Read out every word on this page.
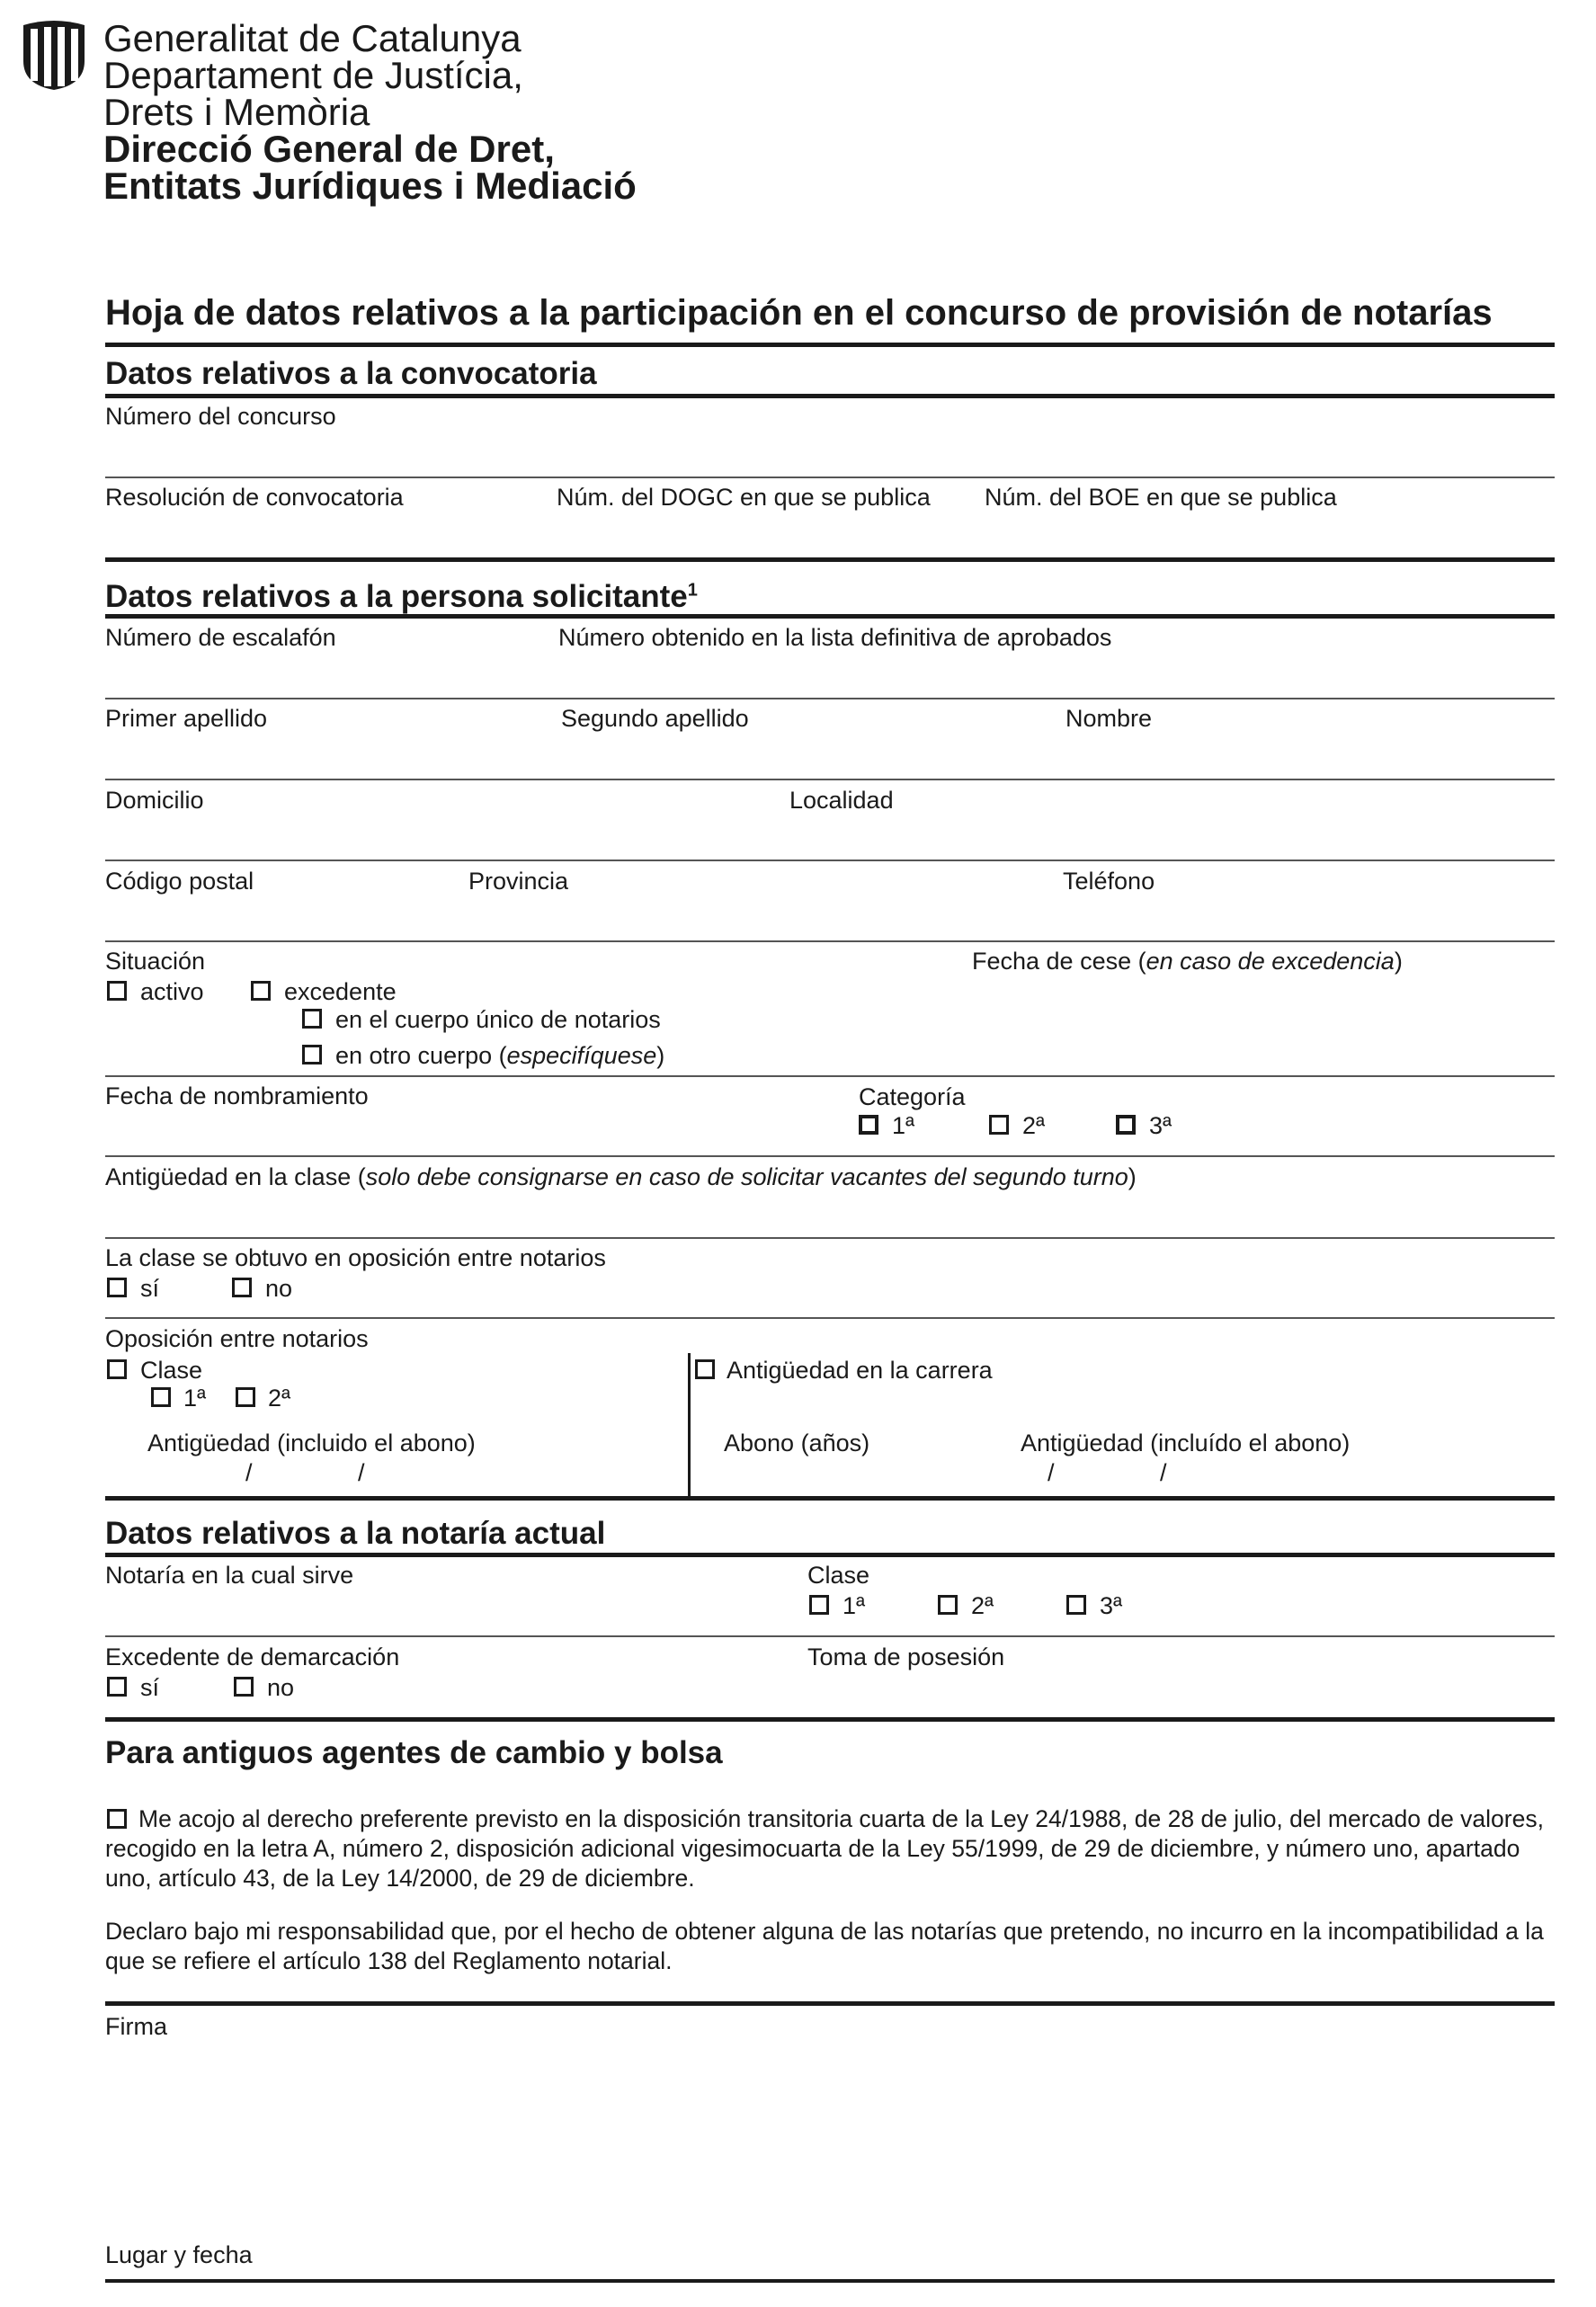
Generalitat de Catalunya
Departament de Justícia,
Drets i Memòria
Direcció General de Dret,
Entitats Jurídiques i Mediació
Hoja de datos relativos a la participación en el concurso de provisión de notarías
Datos relativos a la convocatoria
Número del concurso
Resolución de convocatoria	Núm. del DOGC en que se publica Núm. del BOE en que se publica
Datos relativos a la persona solicitante$^1$
Número de escalafón	Número obtenido en la lista definitiva de aprobados
Primer apellido	Segundo apellido	Nombre
Domicilio	Localidad
Código postal	Provincia	Teléfono
Situación
activo	excedente
en el cuerpo único de notarios
en otro cuerpo (especifíquese)
Fecha de cese (en caso de excedencia)
Fecha de nombramiento	Categoría
1ª	2ª	3ª
Antigüedad en la clase (solo debe consignarse en caso de solicitar vacantes del segundo turno)
La clase se obtuvo en oposición entre notarios
sí	no
Oposición entre notarios
Clase
1ª	2ª
Antigüedad (incluido el abono)
/	/
Antigüedad en la carrera
Abono (años)	Antigüedad (incluído el abono)
/	/
Datos relativos a la notaría actual
Notaría en la cual sirve	Clase
1ª	2ª	3ª
Excedente de demarcación
sí	no
Toma de posesión
Para antiguos agentes de cambio y bolsa
Me acojo al derecho preferente previsto en la disposición transitoria cuarta de la Ley 24/1988, de 28 de julio, del mercado de valores, recogido en la letra A, número 2, disposición adicional vigesimocuarta de la Ley 55/1999, de 29 de diciembre, y número uno, apartado uno, artículo 43, de la Ley 14/2000, de 29 de diciembre.
Declaro bajo mi responsabilidad que, por el hecho de obtener alguna de las notarías que pretendo, no incurro en la incompatibilidad a la que se refiere el artículo 138 del Reglamento notarial.
Firma
Lugar y fecha
